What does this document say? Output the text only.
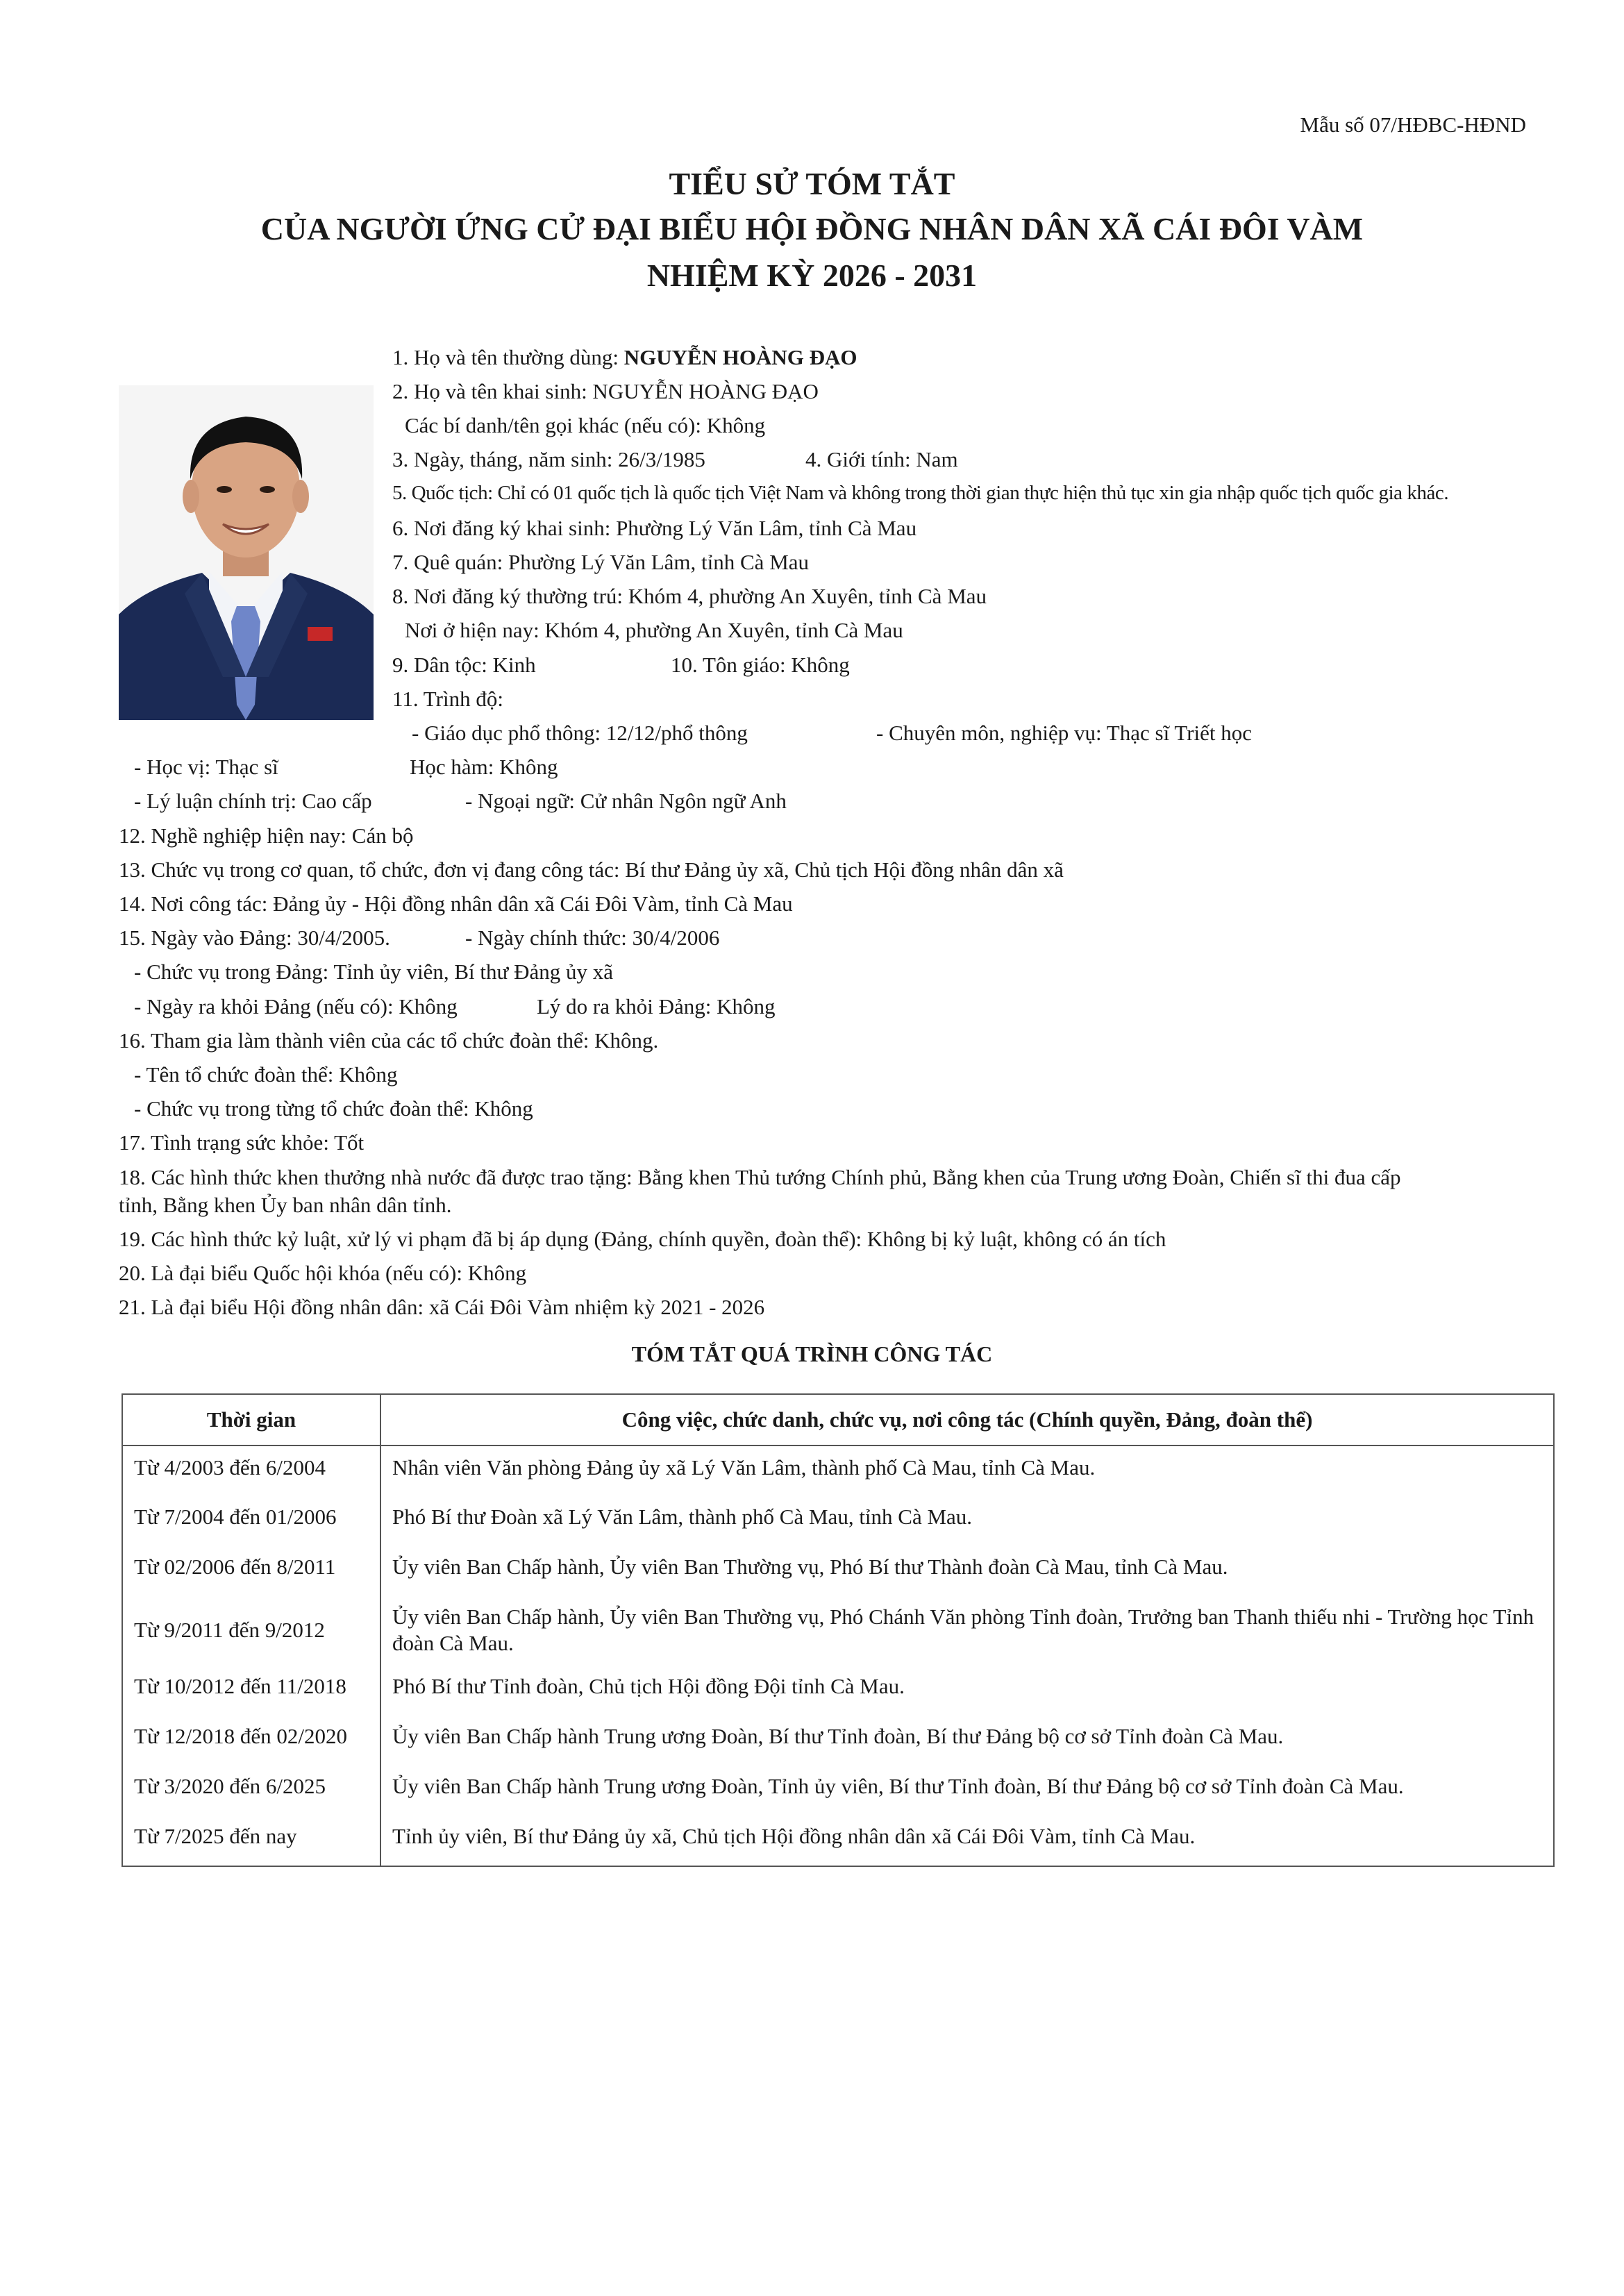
Mẫu số 07/HĐBC-HĐND
TIỂU SỬ TÓM TẮT
CỦA NGƯỜI ỨNG CỬ ĐẠI BIỂU HỘI ĐỒNG NHÂN DÂN XÃ CÁI ĐÔI VÀM
NHIỆM KỲ 2026 - 2031
1. Họ và tên thường dùng: NGUYỄN HOÀNG ĐẠO
2. Họ và tên khai sinh: NGUYỄN HOÀNG ĐẠO
Các bí danh/tên gọi khác (nếu có): Không
3. Ngày, tháng, năm sinh: 26/3/1985	4. Giới tính: Nam
5. Quốc tịch: Chỉ có 01 quốc tịch là quốc tịch Việt Nam và không trong thời gian thực hiện thủ tục xin gia nhập quốc tịch quốc gia khác.
6. Nơi đăng ký khai sinh: Phường Lý Văn Lâm, tỉnh Cà Mau
7. Quê quán: Phường Lý Văn Lâm, tỉnh Cà Mau
8. Nơi đăng ký thường trú: Khóm 4, phường An Xuyên, tỉnh Cà Mau
Nơi ở hiện nay: Khóm 4, phường An Xuyên, tỉnh Cà Mau
9. Dân tộc: Kinh	10. Tôn giáo: Không
11. Trình độ:
- Giáo dục phổ thông: 12/12/phổ thông	- Chuyên môn, nghiệp vụ: Thạc sĩ Triết học
- Học vị: Thạc sĩ	Học hàm: Không
- Lý luận chính trị: Cao cấp	- Ngoại ngữ: Cử nhân Ngôn ngữ Anh
12. Nghề nghiệp hiện nay: Cán bộ
13. Chức vụ trong cơ quan, tổ chức, đơn vị đang công tác: Bí thư Đảng ủy xã, Chủ tịch Hội đồng nhân dân xã
14. Nơi công tác: Đảng ủy - Hội đồng nhân dân xã Cái Đôi Vàm, tỉnh Cà Mau
15. Ngày vào Đảng: 30/4/2005.	- Ngày chính thức: 30/4/2006
- Chức vụ trong Đảng: Tỉnh ủy viên, Bí thư Đảng ủy xã
- Ngày ra khỏi Đảng (nếu có): Không	Lý do ra khỏi Đảng: Không
16. Tham gia làm thành viên của các tổ chức đoàn thể: Không.
- Tên tổ chức đoàn thể: Không
- Chức vụ trong từng tổ chức đoàn thể: Không
17. Tình trạng sức khỏe: Tốt
18. Các hình thức khen thưởng nhà nước đã được trao tặng: Bằng khen Thủ tướng Chính phủ, Bằng khen của Trung ương Đoàn, Chiến sĩ thi đua cấp
tỉnh, Bằng khen Ủy ban nhân dân tỉnh.
19. Các hình thức kỷ luật, xử lý vi phạm đã bị áp dụng (Đảng, chính quyền, đoàn thể): Không bị kỷ luật, không có án tích
20. Là đại biểu Quốc hội khóa (nếu có): Không
21. Là đại biểu Hội đồng nhân dân: xã Cái Đôi Vàm nhiệm kỳ 2021 - 2026
TÓM TẮT QUÁ TRÌNH CÔNG TÁC
Thời gian	Công việc, chức danh, chức vụ, nơi công tác (Chính quyền, Đảng, đoàn thể)
Từ 4/2003 đến 6/2004	Nhân viên Văn phòng Đảng ủy xã Lý Văn Lâm, thành phố Cà Mau, tỉnh Cà Mau.
Từ 7/2004 đến 01/2006	Phó Bí thư Đoàn xã Lý Văn Lâm, thành phố Cà Mau, tỉnh Cà Mau.
Từ 02/2006 đến 8/2011	Ủy viên Ban Chấp hành, Ủy viên Ban Thường vụ, Phó Bí thư Thành đoàn Cà Mau, tỉnh Cà Mau.
Từ 9/2011 đến 9/2012	Ủy viên Ban Chấp hành, Ủy viên Ban Thường vụ, Phó Chánh Văn phòng Tỉnh đoàn, Trưởng ban Thanh thiếu nhi - Trường học Tỉnh đoàn Cà Mau.
Từ 10/2012 đến 11/2018	Phó Bí thư Tỉnh đoàn, Chủ tịch Hội đồng Đội tỉnh Cà Mau.
Từ 12/2018 đến 02/2020	Ủy viên Ban Chấp hành Trung ương Đoàn, Bí thư Tỉnh đoàn, Bí thư Đảng bộ cơ sở Tỉnh đoàn Cà Mau.
Từ 3/2020 đến 6/2025	Ủy viên Ban Chấp hành Trung ương Đoàn, Tỉnh ủy viên, Bí thư Tỉnh đoàn, Bí thư Đảng bộ cơ sở Tỉnh đoàn Cà Mau.
Từ 7/2025 đến nay	Tỉnh ủy viên, Bí thư Đảng ủy xã, Chủ tịch Hội đồng nhân dân xã Cái Đôi Vàm, tỉnh Cà Mau.
